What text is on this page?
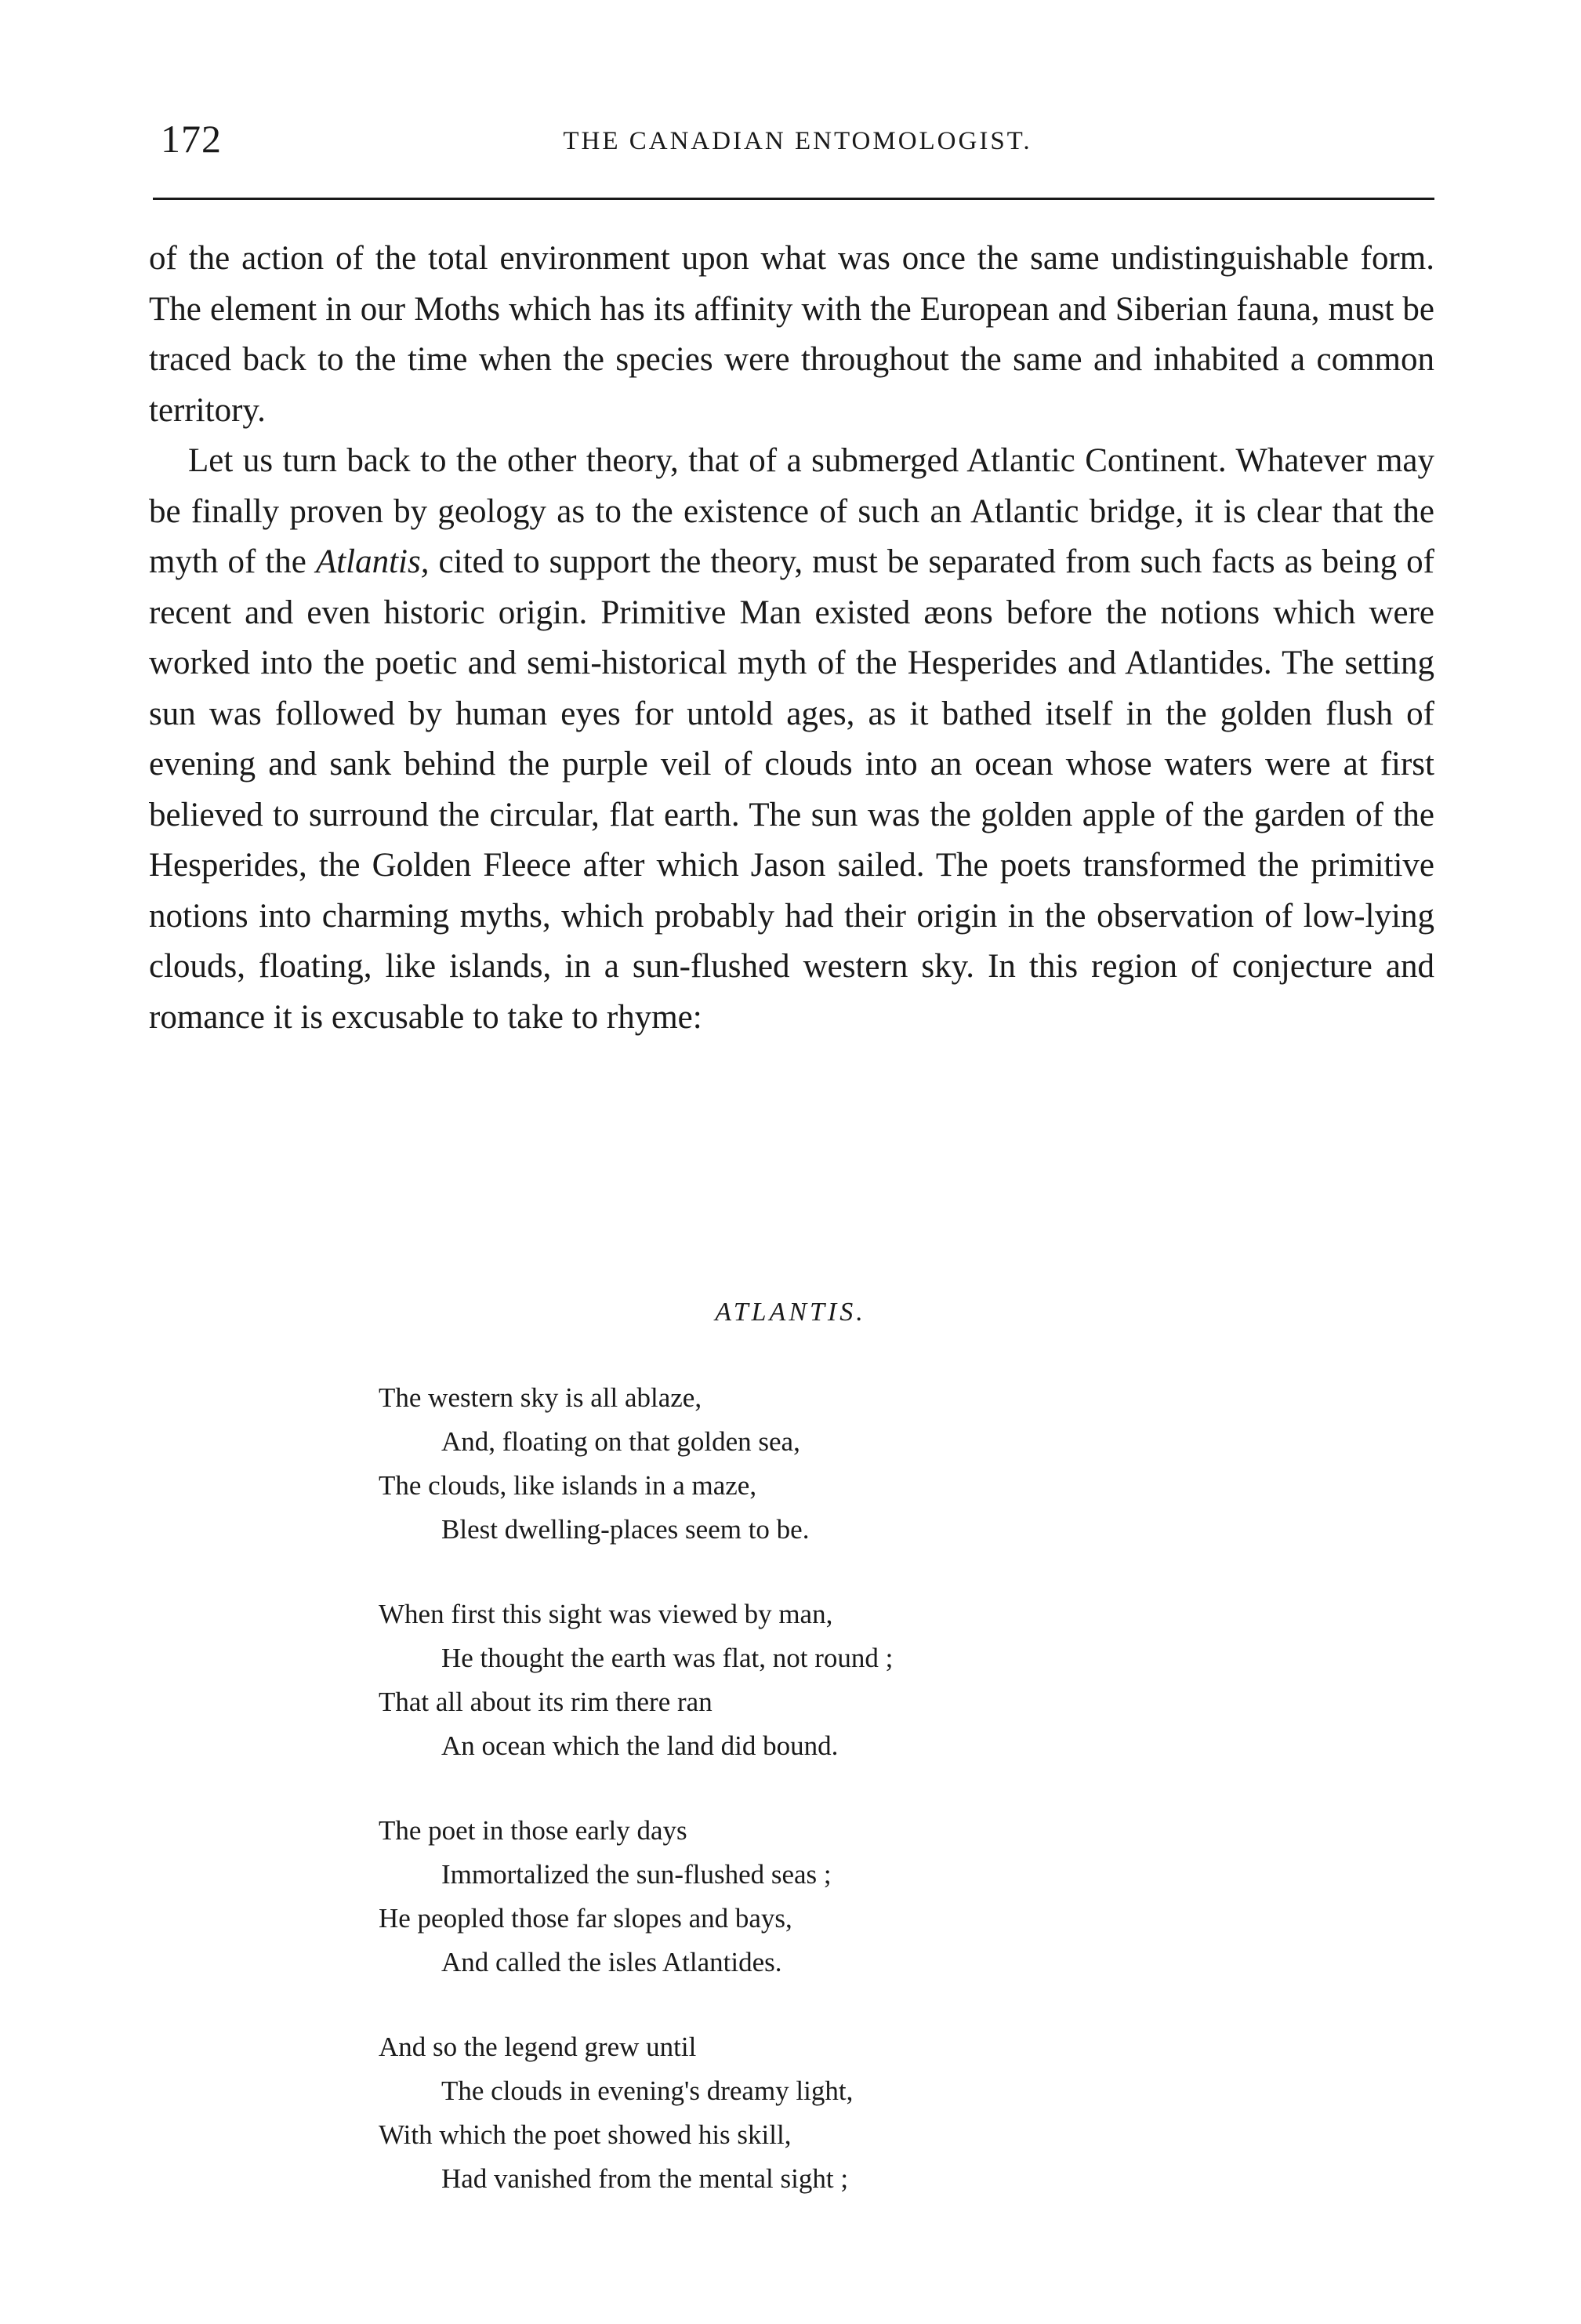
172	THE CANADIAN ENTOMOLOGIST.

of the action of the total environment upon what was once the same undistinguishable form. The element in our Moths which has its affinity with the European and Siberian fauna, must be traced back to the time when the species were throughout the same and inhabited a common territory.

Let us turn back to the other theory, that of a submerged Atlantic Continent. Whatever may be finally proven by geology as to the existence of such an Atlantic bridge, it is clear that the myth of the Atlantis, cited to support the theory, must be separated from such facts as being of recent and even historic origin. Primitive Man existed æons before the notions which were worked into the poetic and semi-historical myth of the Hesperides and Atlantides. The setting sun was followed by human eyes for untold ages, as it bathed itself in the golden flush of evening and sank behind the purple veil of clouds into an ocean whose waters were at first believed to surround the circular, flat earth. The sun was the golden apple of the garden of the Hesperides, the Golden Fleece after which Jason sailed. The poets transformed the primitive notions into charming myths, which probably had their origin in the observation of low-lying clouds, floating, like islands, in a sun-flushed western sky. In this region of conjecture and romance it is excusable to take to rhyme:

ATLANTIS.
The western sky is all ablaze,
And, floating on that golden sea,
The clouds, like islands in a maze,
Blest dwelling-places seem to be.
When first this sight was viewed by man,
He thought the earth was flat, not round ;
That all about its rim there ran
An ocean which the land did bound.
The poet in those early days
Immortalized the sun-flushed seas ;
He peopled those far slopes and bays,
And called the isles Atlantides.
And so the legend grew until
The clouds in evening's dreamy light,
With which the poet showed his skill,
Had vanished from the mental sight ;
